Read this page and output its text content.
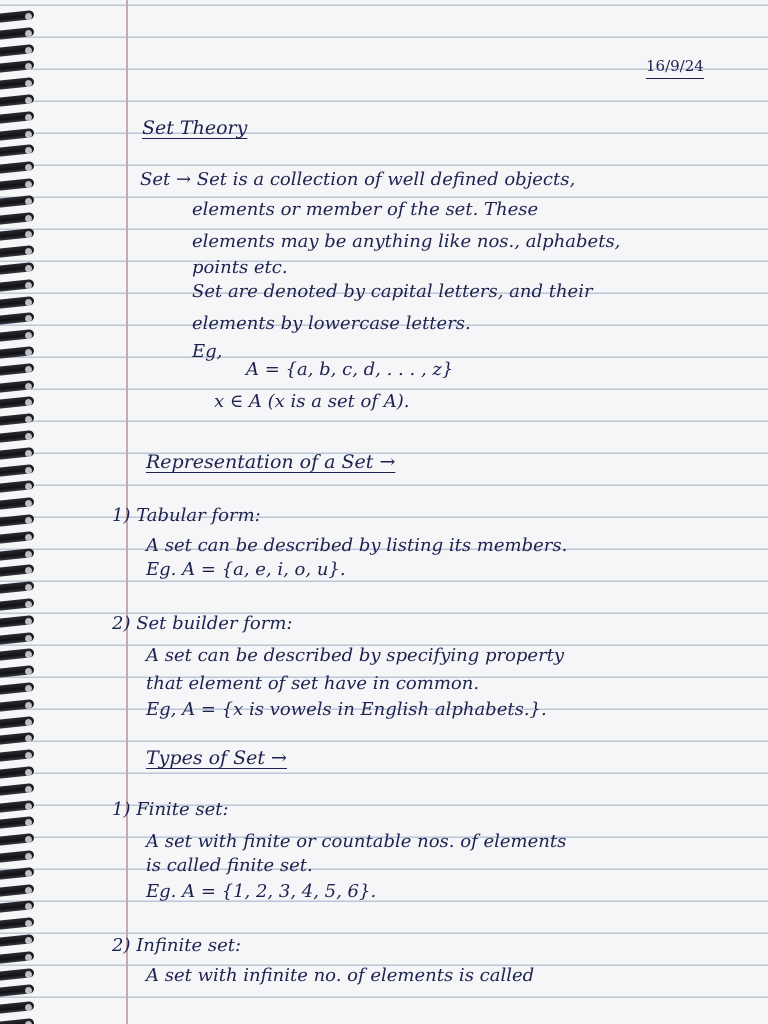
16/9/24
Set Theory
Set → Set is a collection of well defined objects,
elements or member of the set. These
elements may be anything like nos., alphabets,
points etc.
Set are denoted by capital letters, and their
elements by lowercase letters.
Eg,
A = {a, b, c, d, . . . , z}
x ∈ A (x is a set of A).
Representation of a Set →
1) Tabular form:
A set can be described by listing its members.
Eg. A = {a, e, i, o, u}.
2) Set builder form:
A set can be described by specifying property
that element of set have in common.
Eg, A = {x is vowels in English alphabets.}.
Types of Set →
1) Finite set:
A set with finite or countable nos. of elements
is called finite set.
Eg. A = {1, 2, 3, 4, 5, 6}.
2) Infinite set:
A set with infinite no. of elements is called
